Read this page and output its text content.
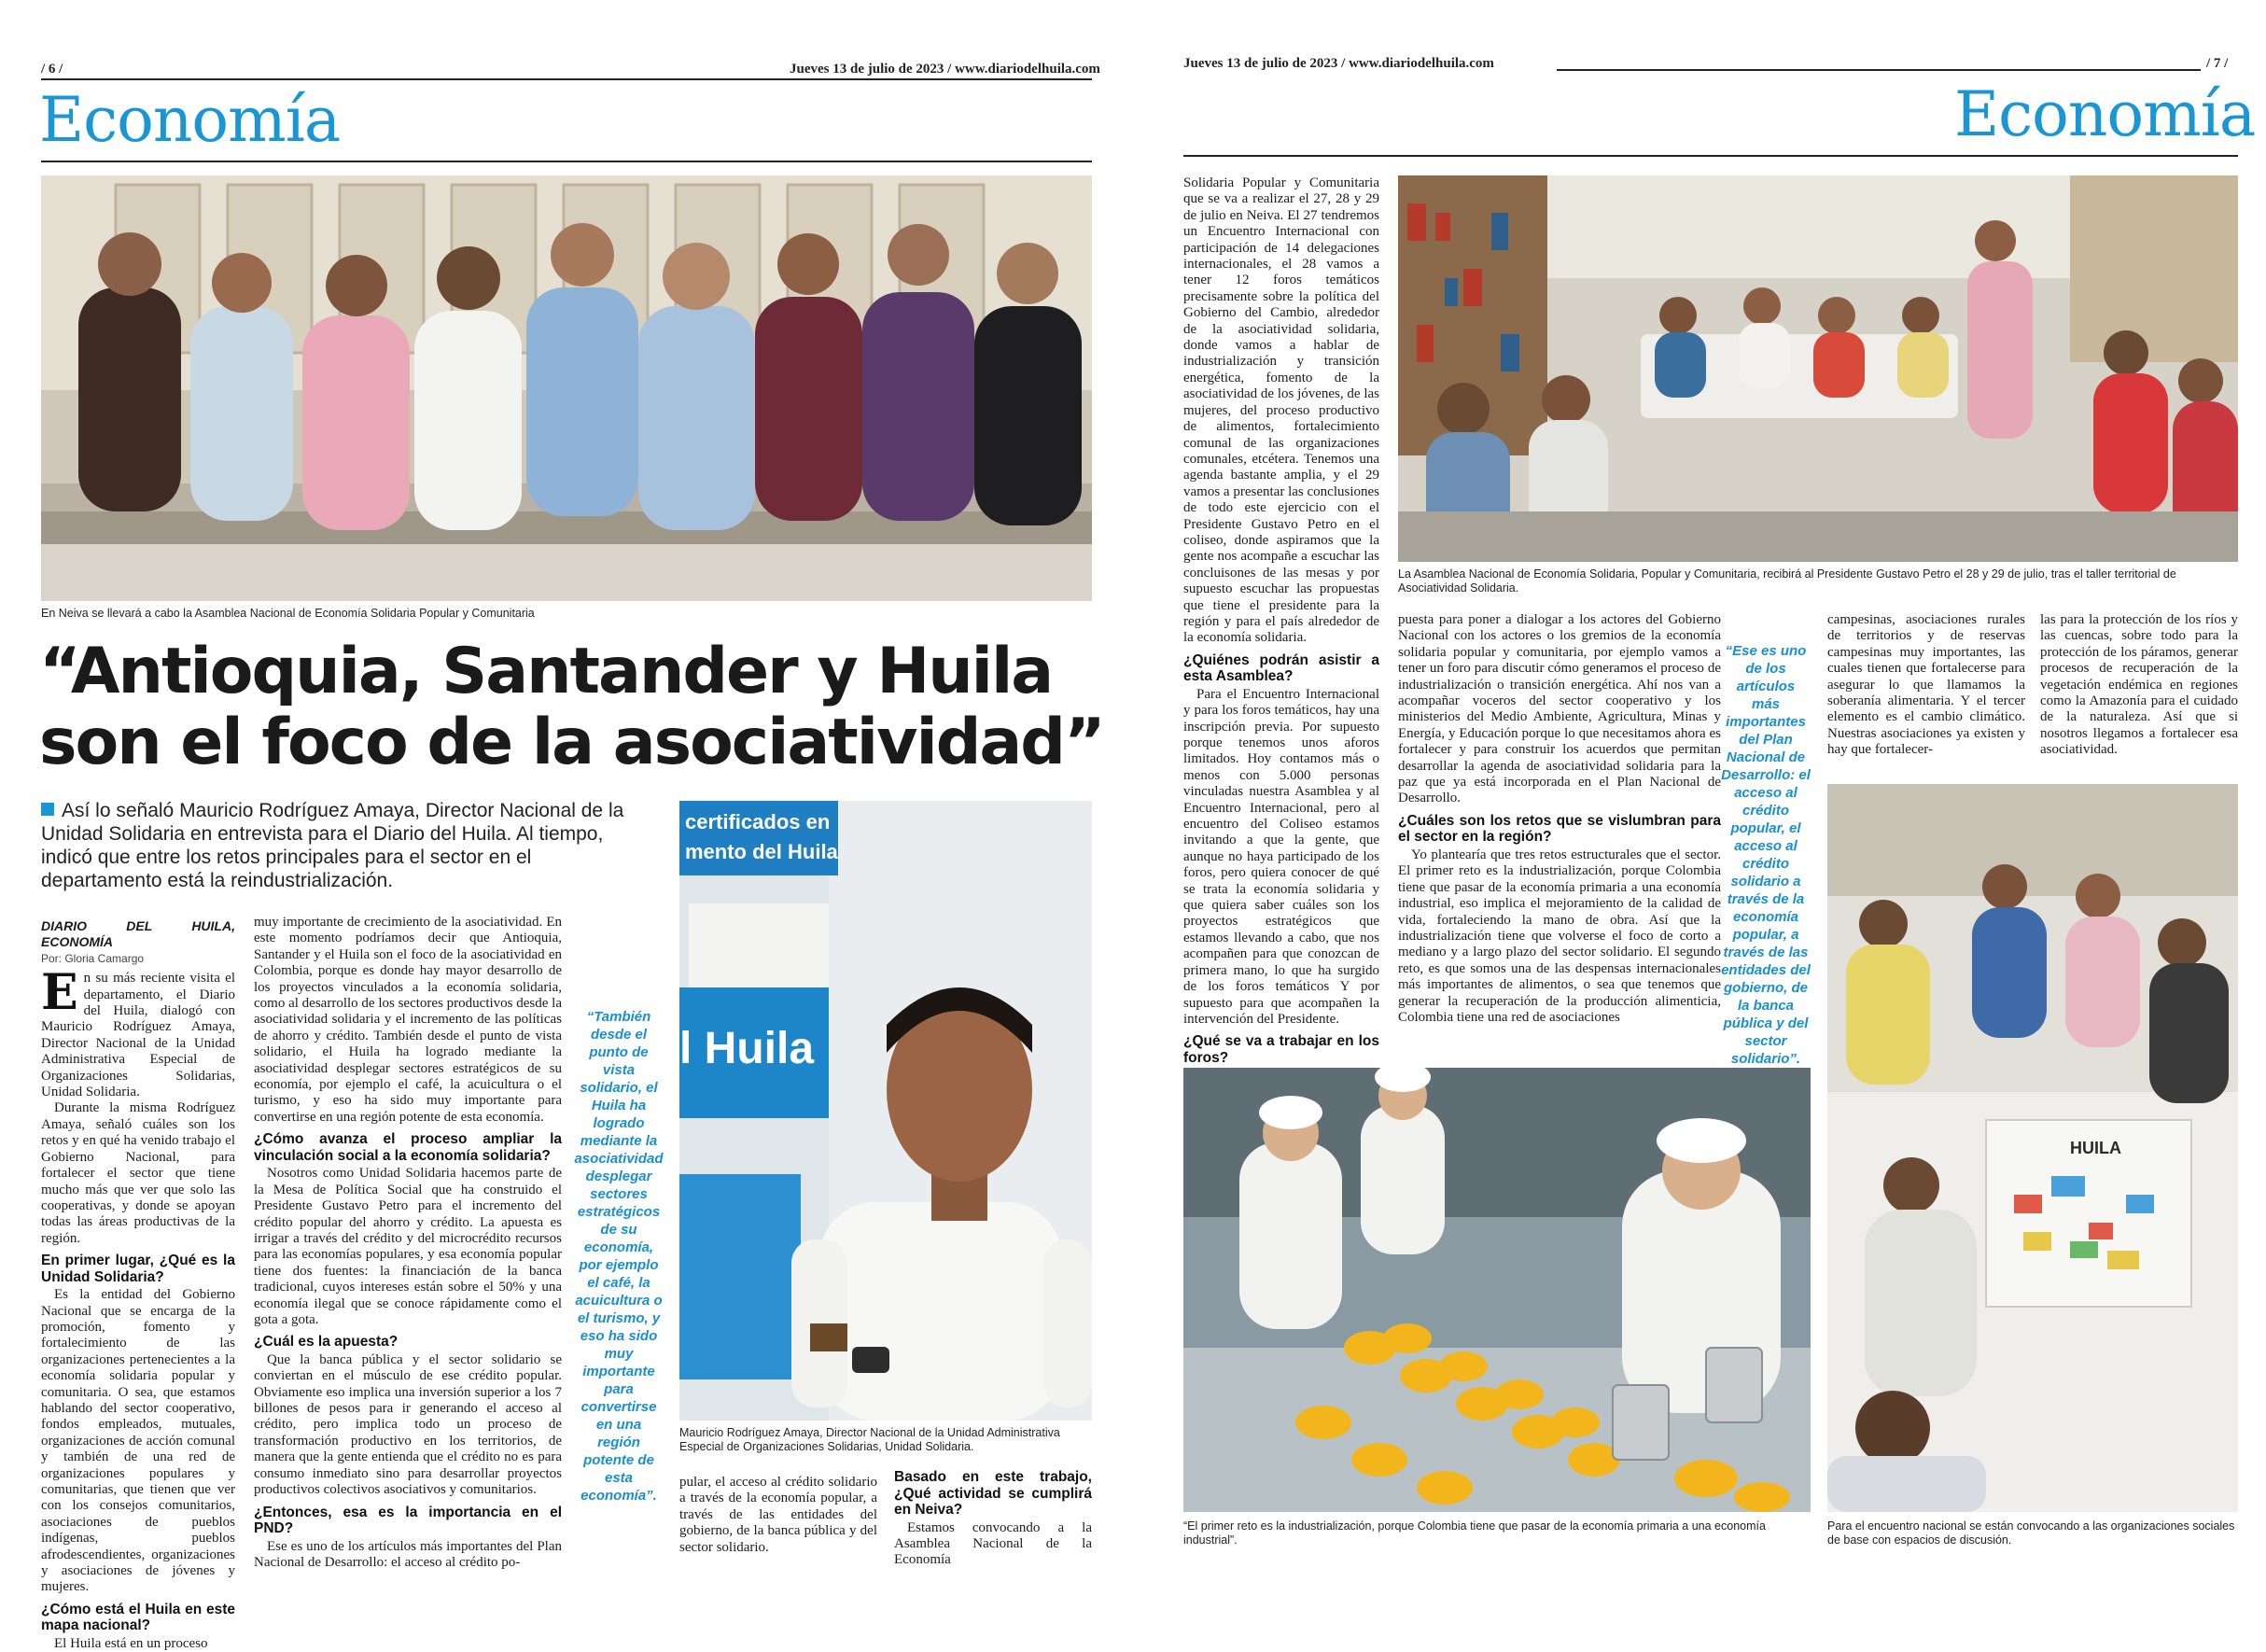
/ 6 /	Jueves 13 de julio de 2023 / www.diariodelhuila.com
Economía
En Neiva se llevará a cabo la Asamblea Nacional de Economía Solidaria Popular y Comunitaria
“Antioquia, Santander y Huila
son el foco de la asociatividad”
Así lo señaló Mauricio Rodríguez Amaya, Director Nacional de la Unidad Solidaria en entrevista para el Diario del Huila. Al tiempo, indicó que entre los retos principales para el sector en el departamento está la reindustrialización.
DIARIO DEL HUILA, ECONOMÍA
Por: Gloria Camargo

En su más reciente visita el departamento, el Diario del Huila, dialogó con Mauricio Rodríguez Amaya, Director Nacional de la Unidad Administrativa Especial de Organizaciones Solidarias, Unidad Solidaria.

Durante la misma Rodríguez Amaya, señaló cuáles son los retos y en qué ha venido trabajo el Gobierno Nacional, para fortalecer el sector que tiene mucho más que ver que solo las cooperativas, y donde se apoyan todas las áreas productivas de la región.

En primer lugar, ¿Qué es la Unidad Solidaria?

Es la entidad del Gobierno Nacional que se encarga de la promoción, fomento y fortalecimiento de las organizaciones pertenecientes a la economía solidaria popular y comunitaria. O sea, que estamos hablando del sector cooperativo, fondos empleados, mutuales, organizaciones de acción comunal y también de una red de organizaciones populares y comunitarias, que tienen que ver con los consejos comunitarios, asociaciones de pueblos indígenas, pueblos afrodescendientes, organizaciones y asociaciones de jóvenes y mujeres.

¿Cómo está el Huila en este mapa nacional?

El Huila está en un proceso

muy importante de crecimiento de la asociatividad. En este momento podríamos decir que Antioquia, Santander y el Huila son el foco de la asociatividad en Colombia, porque es donde hay mayor desarrollo de los proyectos vinculados a la economía solidaria, como al desarrollo de los sectores productivos desde la asociatividad solidaria y el incremento de las políticas de ahorro y crédito. También desde el punto de vista solidario, el Huila ha logrado mediante la asociatividad desplegar sectores estratégicos de su economía, por ejemplo el café, la acuicultura o el turismo, y eso ha sido muy importante para convertirse en una región potente de esta economía.

¿Cómo avanza el proceso ampliar la vinculación social a la economía solidaria?

Nosotros como Unidad Solidaria hacemos parte de la Mesa de Política Social que ha construido el Presidente Gustavo Petro para el incremento del crédito popular del ahorro y crédito. La apuesta es irrigar a través del crédito y del microcrédito recursos para las economías populares, y esa economía popular tiene dos fuentes: la financiación de la banca tradicional, cuyos intereses están sobre el 50% y una economía ilegal que se conoce rápidamente como el gota a gota.

¿Cuál es la apuesta?

Que la banca pública y el sector solidario se conviertan en el músculo de ese crédito popular. Obviamente eso implica una inversión superior a los 7 billones de pesos para ir generando el acceso al crédito, pero implica todo un proceso de transformación productivo en los territorios, de manera que la gente entienda que el crédito no es para consumo inmediato sino para desarrollar proyectos productivos colectivos asociativos y comunitarios.

¿Entonces, esa es la importancia en el PND?

Ese es uno de los artículos más importantes del Plan Nacional de Desarrollo: el acceso al crédito po-

“También desde el punto de vista solidario, el Huila ha logrado mediante la asociatividad desplegar sectores estratégicos de su economía, por ejemplo el café, la acuicultura o el turismo, y eso ha sido muy importante para convertirse en una región potente de esta economía”.
certificados en
mento del Huila
l Huila
Mauricio Rodríguez Amaya, Director Nacional de la Unidad Administrativa Especial de Organizaciones Solidarias, Unidad Solidaria.

pular, el acceso al crédito solidario a través de la economía popular, a través de las entidades del gobierno, de la banca pública y del sector solidario.

Basado en este trabajo, ¿Qué actividad se cumplirá en Neiva?

Estamos convocando a la Asamblea Nacional de la Economía

Jueves 13 de julio de 2023 / www.diariodelhuila.com	/ 7 /
Economía

Solidaria Popular y Comunitaria que se va a realizar el 27, 28 y 29 de julio en Neiva. El 27 tendremos un Encuentro Internacional con participación de 14 delegaciones internacionales, el 28 vamos a tener 12 foros temáticos precisamente sobre la política del Gobierno del Cambio, alrededor de la asociatividad solidaria, donde vamos a hablar de industrialización y transición energética, fomento de la asociatividad de los jóvenes, de las mujeres, del proceso productivo de alimentos, fortalecimiento comunal de las organizaciones comunales, etcétera. Tenemos una agenda bastante amplia, y el 29 vamos a presentar las conclusiones de todo este ejercicio con el Presidente Gustavo Petro en el coliseo, donde aspiramos que la gente nos acompañe a escuchar las concluisones de las mesas y por supuesto escuchar las propuestas que tiene el presidente para la región y para el país alrededor de la economía solidaria.

¿Quiénes podrán asistir a esta Asamblea?

Para el Encuentro Internacional y para los foros temáticos, hay una inscripción previa. Por supuesto porque tenemos unos aforos limitados. Hoy contamos más o menos con 5.000 personas vinculadas nuestra Asamblea y al Encuentro Internacional, pero al encuentro del Coliseo estamos invitando a que la gente, que aunque no haya participado de los foros, pero quiera conocer de qué se trata la economía solidaria y que quiera saber cuáles son los proyectos estratégicos que estamos llevando a cabo, que nos acompañen para que conozcan de primera mano, lo que ha surgido de los foros temáticos Y por supuesto para que acompañen la intervención del Presidente.

¿Qué se va a trabajar en los foros?

La Asamblea Nacional de Economía Solidaria, Popular y Comunitaria, recibirá al Presidente Gustavo Petro el 28 y 29 de julio, tras el taller territorial de Asociatividad Solidaria.

puesta para poner a dialogar a los actores del Gobierno Nacional con los actores o los gremios de la economía solidaria popular y comunitaria, por ejemplo vamos a tener un foro para discutir cómo generamos el proceso de industrialización o transición energética. Ahí nos van a acompañar voceros del sector cooperativo y los ministerios del Medio Ambiente, Agricultura, Minas y Energía, y Educación porque lo que necesitamos ahora es fortalecer y para construir los acuerdos que permitan desarrollar la agenda de asociatividad solidaria para la paz que ya está incorporada en el Plan Nacional de Desarrollo.

¿Cuáles son los retos que se vislumbran para el sector en la región?

Yo plantearía que tres retos estructurales que el sector. El primer reto es la industrialización, porque Colombia tiene que pasar de la economía primaria a una economía industrial, eso implica el mejoramiento de la calidad de vida, fortaleciendo la mano de obra. Así que la industrialización tiene que volverse el foco de corto a mediano y a largo plazo del sector solidario. El segundo reto, es que somos una de las despensas internacionales más importantes de alimentos, o sea que tenemos que generar la recuperación de la producción alimenticia, Colombia tiene una red de asociaciones

“Ese es uno de los artículos más importantes del Plan Nacional de Desarrollo: el acceso al crédito popular, el acceso al crédito solidario a través de la economía popular, a través de las entidades del gobierno, de la banca pública y del sector solidario”.

campesinas, asociaciones rurales de territorios y de reservas campesinas muy importantes, las cuales tienen que fortalecerse para asegurar lo que llamamos la soberanía alimentaria. Y el tercer elemento es el cambio climático. Nuestras asociaciones ya existen y hay que fortalecer-

las para la protección de los ríos y las cuencas, sobre todo para la protección de los páramos, generar procesos de recuperación de la vegetación endémica en regiones como la Amazonía para el cuidado de la naturaleza. Así que si nosotros llegamos a fortalecer esa asociatividad.

“El primer reto es la industrialización, porque Colombia tiene que pasar de la economía primaria a una economía industrial”.
HUILA
Para el encuentro nacional se están convocando a las organizaciones sociales de base con espacios de discusión.
